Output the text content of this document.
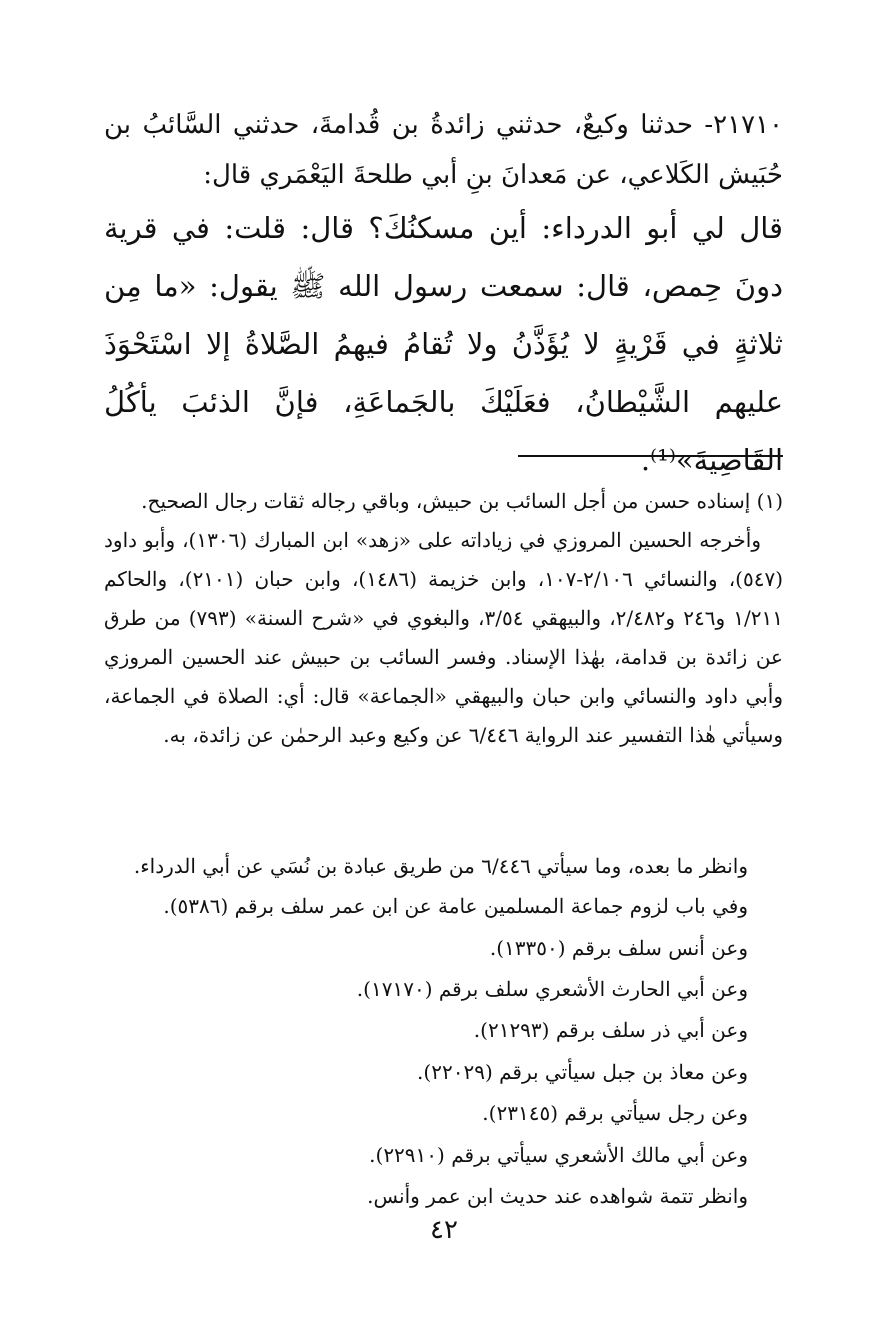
٢١٧١٠- حدثنا وكيعٌ، حدثني زائدةُ بن قُدامةَ، حدثني السَّائبُ بن حُبَيش الكَلاعي، عن مَعدانَ بنِ أبي طلحةَ اليَعْمَري قال:

قال لي أبو الدرداء: أين مسكنُكَ؟ قال: قلت: في قرية دونَ حِمص، قال: سمعت رسول الله ﷺ يقول: «ما مِن ثلاثةٍ في قَرْيةٍ لا يُؤَذَّنُ ولا تُقامُ فيهمُ الصَّلاةُ إلا اسْتَحْوَذَ عليهم الشَّيْطانُ، فعَلَيْكَ بالجَماعَةِ، فإنَّ الذئبَ يأكُلُ القَاصِيةَ»⁽¹⁾.

(١) إسناده حسن من أجل السائب بن حبيش، وباقي رجاله ثقات رجال الصحيح.

وأخرجه الحسين المروزي في زياداته على «زهد» ابن المبارك (١٣٠٦)، وأبو داود (٥٤٧)، والنسائي ٢/١٠٦-١٠٧، وابن خزيمة (١٤٨٦)، وابن حبان (٢١٠١)، والحاكم ١/٢١١ و٢٤٦ و٢/٤٨٢، والبيهقي ٣/٥٤، والبغوي في «شرح السنة» (٧٩٣) من طرق عن زائدة بن قدامة، بهٰذا الإسناد. وفسر السائب بن حبيش عند الحسين المروزي وأبي داود والنسائي وابن حبان والبيهقي «الجماعة» قال: أي: الصلاة في الجماعة، وسيأتي هٰذا التفسير عند الرواية ٦/٤٤٦ عن وكيع وعبد الرحمٰن عن زائدة، به.

وانظر ما بعده، وما سيأتي ٦/٤٤٦ من طريق عبادة بن نُسَي عن أبي الدرداء.
وفي باب لزوم جماعة المسلمين عامة عن ابن عمر سلف برقم (٥٣٨٦).
وعن أنس سلف برقم (١٣٣٥٠).
وعن أبي الحارث الأشعري سلف برقم (١٧١٧٠).
وعن أبي ذر سلف برقم (٢١٢٩٣).
وعن معاذ بن جبل سيأتي برقم (٢٢٠٢٩).
وعن رجل سيأتي برقم (٢٣١٤٥).
وعن أبي مالك الأشعري سيأتي برقم (٢٢٩١٠).
وانظر تتمة شواهده عند حديث ابن عمر وأنس.
٤٢
